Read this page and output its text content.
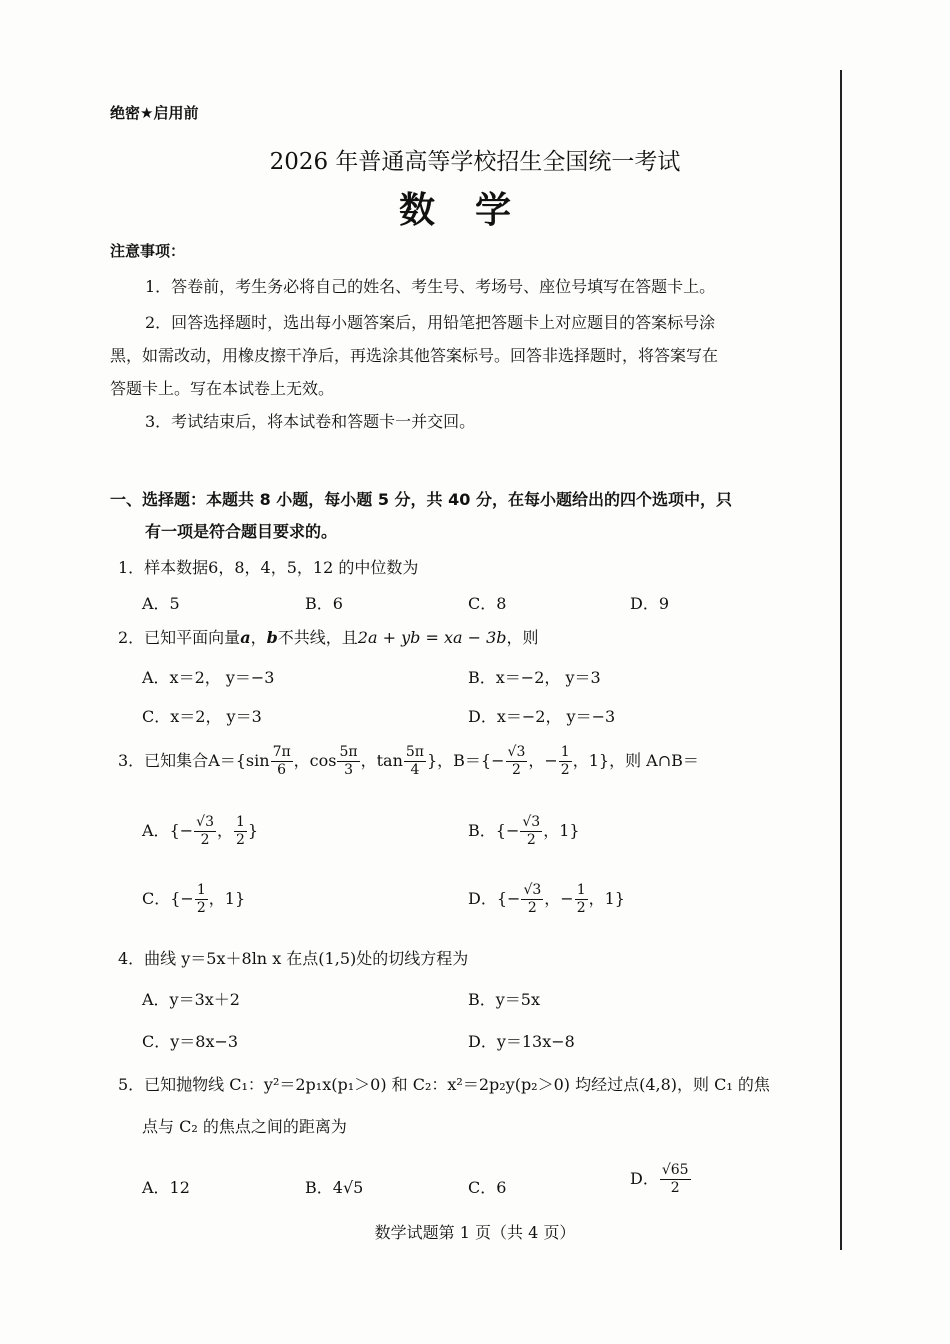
绝密★启用前
2026 年普通高等学校招生全国统一考试
数学
注意事项：
1．答卷前，考生务必将自己的姓名、考生号、考场号、座位号填写在答题卡上。
2．回答选择题时，选出每小题答案后，用铅笔把答题卡上对应题目的答案标号涂
黑，如需改动，用橡皮擦干净后，再选涂其他答案标号。回答非选择题时，将答案写在
答题卡上。写在本试卷上无效。
3．考试结束后，将本试卷和答题卡一并交回。
一、选择题：本题共 8 小题，每小题 5 分，共 40 分，在每小题给出的四个选项中，只
有一项是符合题目要求的。
1．样本数据6，8，4，5，12 的中位数为
A．5	B．6	C．8	D．9
2．已知平面向量a，b不共线，且2a + yb = xa − 3b，则
A．x＝2， y＝−3	B．x＝−2， y＝3
C．x＝2， y＝3	D．x＝−2， y＝−3
3．已知集合$A=\{\sin \frac{7\pi}{6}$ ，$\cos \frac{5\pi}{3}$ ，$\tan \frac{5\pi}{4}$ }，$B=\{- \frac{√3}{2}$ ，− $\frac{1}{2}$ ，1}，则 A∩B＝
A．{− $\frac{√3}{2}$ ， $\frac{1}{2}$ }	B．{− $\frac{√3}{2}$ ，1}
C．{− $\frac{1}{2}$ ，1}	D．{− $\frac{√3}{2}$ ，− $\frac{1}{2}$ ，1}
4．曲线 y＝5x＋8ln x 在点(1,5)处的切线方程为
A．y＝3x＋2	B．y＝5x
C．y＝8x−3	D．y＝13x−8
5．已知抛物线 C₁：y²＝2p₁x(p₁＞0) 和 C₂：x²＝2p₂y(p₂＞0) 均经过点(4,8)，则 C₁ 的焦
点与 C₂ 的焦点之间的距离为
A．12	B．4√5	C．6	D． $\frac{√65}{2}$
数学试题第 1 页（共 4 页）
